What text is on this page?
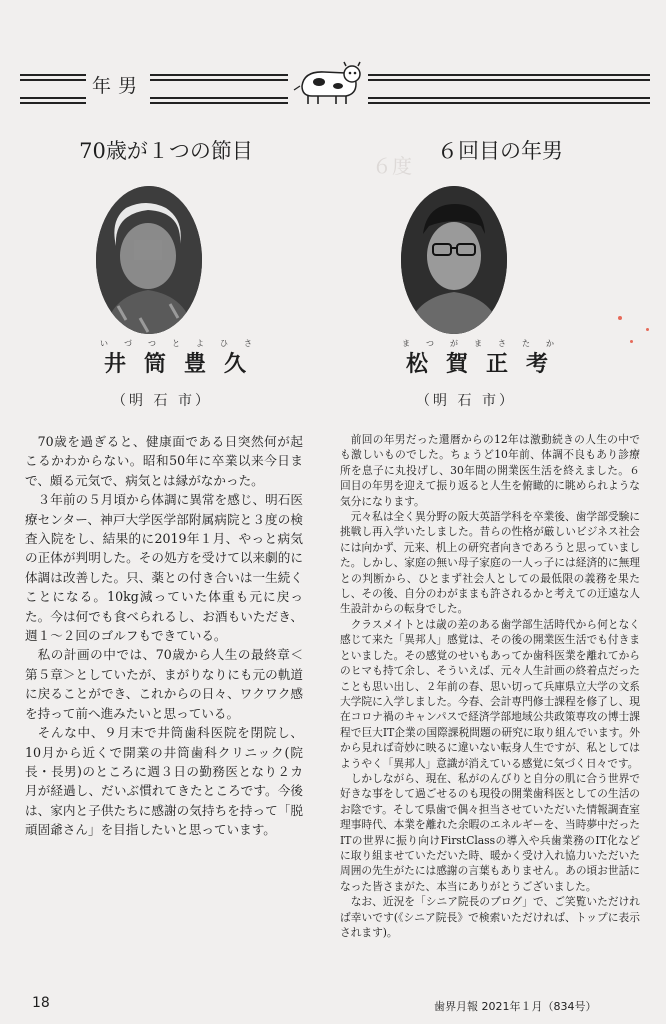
年男
70歳が１つの節目
６度
６回目の年男
いづつとよひさ
井筒豊久
まつがまさたか
松賀正考
（明 石 市）	（明 石 市）

70歳を過ぎると、健康面である日突然何が起こるかわからない。昭和50年に卒業以来今日まで、頗る元気で、病気とは縁がなかった。

３年前の５月頃から体調に異常を感じ、明石医療センター、神戸大学医学部附属病院と３度の検査入院をし、結果的に2019年１月、やっと病気の正体が判明した。その処方を受けて以来劇的に体調は改善した。只、薬との付き合いは一生続くことになる。10kg減っていた体重も元に戻った。今は何でも食べられるし、お酒もいただき、週１～２回のゴルフもできている。

私の計画の中では、70歳から人生の最終章＜第５章＞としていたが、まがりなりにも元の軌道に戻ることができ、これからの日々、ワクワク感を持って前へ進みたいと思っている。

そんな中、９月末で井筒歯科医院を閉院し、10月から近くで開業の井筒歯科クリニック(院長・長男)のところに週３日の勤務医となり２カ月が経過し、だいぶ慣れてきたところです。今後は、家内と子供たちに感謝の気持ちを持って「脱頑固爺さん」を目指したいと思っています。

前回の年男だった還暦からの12年は激動続きの人生の中でも激しいものでした。ちょうど10年前、体調不良もあり診療所を息子に丸投げし、30年間の開業医生活を終えました。６回目の年男を迎えて振り返ると人生を俯瞰的に眺められような気分になります。

元々私は全く異分野の阪大英語学科を卒業後、歯学部受験に挑戦し再入学いたしました。昔らの性格が厳しいビジネス社会には向かず、元来、机上の研究者向きであろうと思っていました。しかし、家庭の無い母子家庭の一人っ子には経済的に無理との判断から、ひとまず社会人としての最低限の義務を果たし、その後、自分のわがままも許されるかと考えての迂遠な人生設計からの転身でした。

クラスメイトとは歳の差のある歯学部生活時代から何となく感じて来た「異邦人」感覚は、その後の開業医生活でも付きまといました。その感覚のせいもあってか歯科医業を離れてからのヒマも持て余し、そういえば、元々人生計画の終着点だったことも思い出し、２年前の春、思い切って兵庫県立大学の文系大学院に入学しました。今春、会計専門修士課程を修了し、現在コロナ禍のキャンパスで経済学部地域公共政策専攻の博士課程で巨大IT企業の国際課税問題の研究に取り組んでいます。外から見れば奇妙に映るに違いない転身人生ですが、私としてはようやく「異邦人」意識が消えている感覚に気づく日々です。

しかしながら、現在、私がのんびりと自分の肌に合う世界で好きな事をして過ごせるのも現役の開業歯科医としての生活のお陰です。そして県歯で偶々担当させていただいた情報調査室理事時代、本業を離れた余暇のエネルギーを、当時夢中だったITの世界に振り向けFirstClassの導入や兵歯業務のIT化などに取り組ませていただいた時、暖かく受け入れ協力いただいた周囲の先生がたには感謝の言葉もありません。あの頃お世話になった皆さまがた、本当にありがとうございました。

なお、近況を「シニア院長のブログ」で、ご笑覧いただければ幸いです(《シニア院長》で検索いただければ、トップに表示されます)。

18	歯界月報 2021年１月（834号）
